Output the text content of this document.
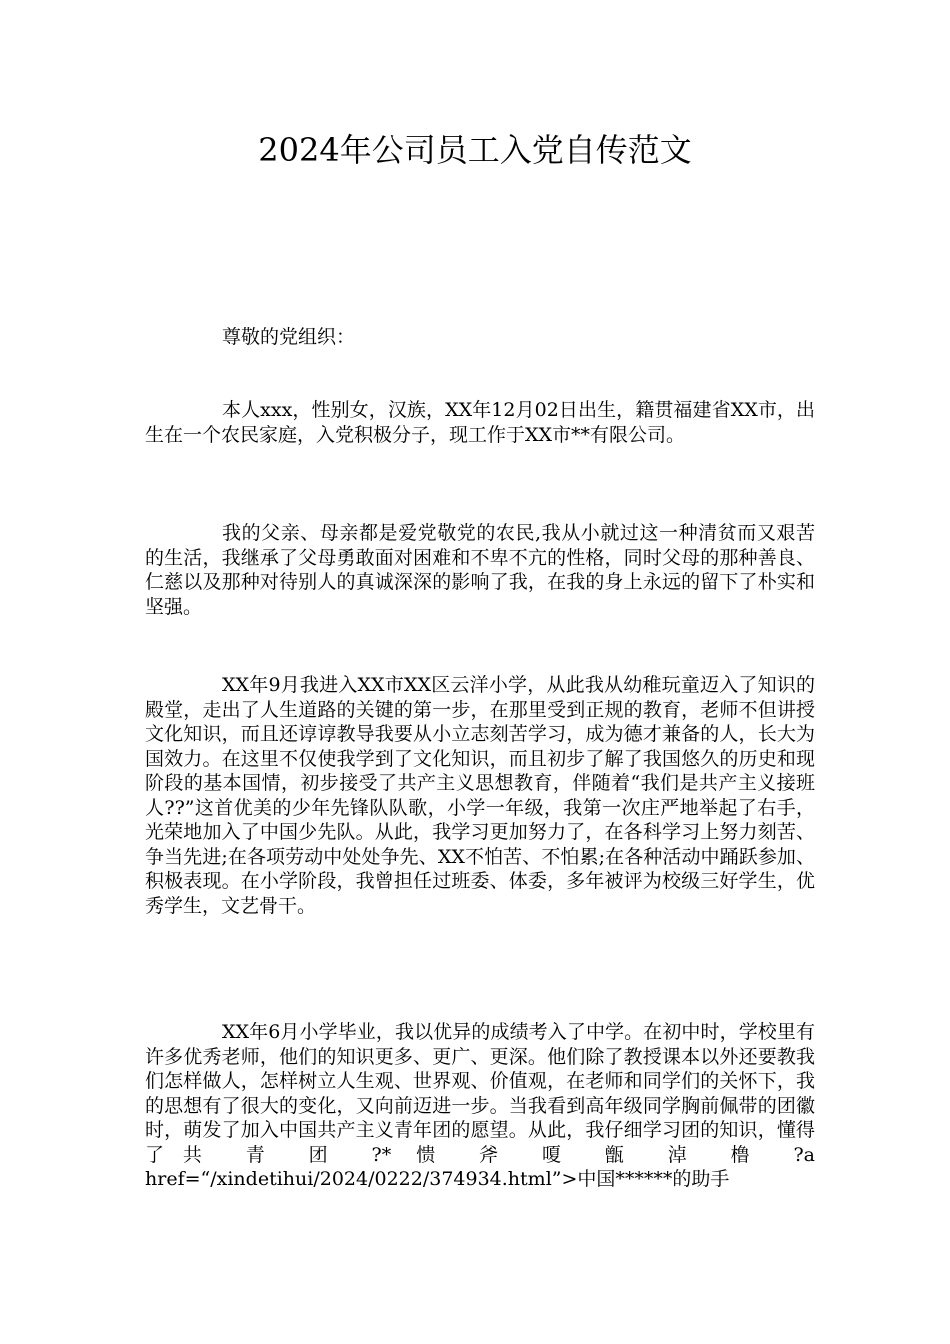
2024年公司员工入党自传范文
尊敬的党组织：

本人xxx，性别女，汉族，XX年12月02日出生，籍贯福建省XX市，出生在一个农民家庭，入党积极分子，现工作于XX市**有限公司。

我的父亲、母亲都是爱党敬党的农民,我从小就过这一种清贫而又艰苦的生活，我继承了父母勇敢面对困难和不卑不亢的性格，同时父母的那种善良、仁慈以及那种对待别人的真诚深深的影响了我，在我的身上永远的留下了朴实和坚强。

XX年9月我进入XX市XX区云洋小学，从此我从幼稚玩童迈入了知识的殿堂，走出了人生道路的关键的第一步，在那里受到正规的教育，老师不但讲授文化知识，而且还谆谆教导我要从小立志刻苦学习，成为德才兼备的人，长大为国效力。在这里不仅使我学到了文化知识，而且初步了解了我国悠久的历史和现阶段的基本国情，初步接受了共产主义思想教育，伴随着“我们是共产主义接班人??”这首优美的少年先锋队队歌，小学一年级，我第一次庄严地举起了右手，光荣地加入了中国少先队。从此，我学习更加努力了，在各科学习上努力刻苦、争当先进;在各项劳动中处处争先、XX不怕苦、不怕累;在各种活动中踊跃参加、积极表现。在小学阶段，我曾担任过班委、体委，多年被评为校级三好学生，优秀学生，文艺骨干。

XX年6月小学毕业，我以优异的成绩考入了中学。在初中时，学校里有许多优秀老师，他们的知识更多、更广、更深。他们除了教授课本以外还要教我们怎样做人，怎样树立人生观、世界观、价值观，在老师和同学们的关怀下，我的思想有了很大的变化，又向前迈进一步。当我看到高年级同学胸前佩带的团徽时，萌发了加入中国共产主义青年团的愿望。从此，我仔细学习团的知识，懂得了共 青 团 ?* 愦 斧 嗄 甑 淖 橹 ?a href=“/xindetihui/2024/0222/374934.html”>中国******的助手
